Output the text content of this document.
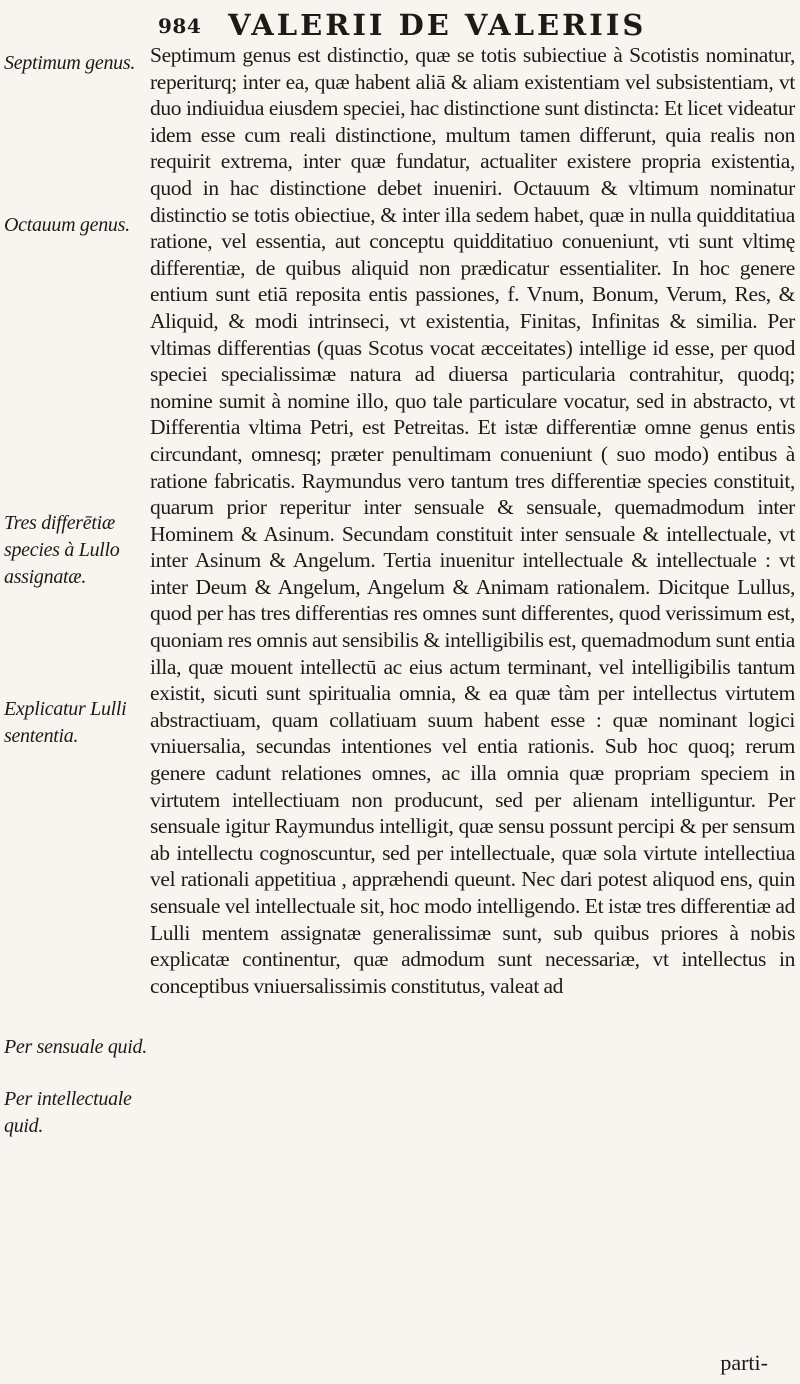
984 VALERII DE VALERIIS
Septimum genus.
Octauum genus.
Tres differētiæ species à Lullo assignatæ.
Explicatur Lulli sententia.
Per sensuale quid.
Per intellectuale quid.

Septimum genus est distinctio, quæ se totis subiectiue à Scotistis nominatur, reperiturq; inter ea, quæ habent aliā & aliam existentiam vel subsistentiam, vt duo indiuidua eiusdem speciei, hac distinctione sunt distincta: Et licet videatur idem esse cum reali distinctione, multum tamen differunt, quia realis non requirit extrema, inter quæ fundatur, actualiter existere propria existentia, quod in hac distinctione debet inueniri. Octauum & vltimum nominatur distinctio se totis obiectiue, & inter illa sedem habet, quæ in nulla quidditatiua ratione, vel essentia, aut conceptu quidditatiuo conueniunt, vti sunt vltimę differentiæ, de quibus aliquid non prædicatur essentialiter. In hoc genere entium sunt etiā reposita entis passiones, f. Vnum, Bonum, Verum, Res, & Aliquid, & modi intrinseci, vt existentia, Finitas, Infinitas & similia. Per vltimas differentias (quas Scotus vocat æcceitates) intellige id esse, per quod speciei specialissimæ natura ad diuersa particularia contrahitur, quodq; nomine sumit à nomine illo, quo tale particulare vocatur, sed in abstracto, vt Differentia vltima Petri, est Petreitas. Et istæ differentiæ omne genus entis circundant, omnesq; præter penultimam conueniunt ( suo modo) entibus à ratione fabricatis. Raymundus vero tantum tres differentiæ species constituit, quarum prior reperitur inter sensuale & sensuale, quemadmodum inter Hominem & Asinum. Secundam constituit inter sensuale & intellectuale, vt inter Asinum & Angelum. Tertia inuenitur intellectuale & intellectuale : vt inter Deum & Angelum, Angelum & Animam rationalem. Dicitque Lullus, quod per has tres differentias res omnes sunt differentes, quod verissimum est, quoniam res omnis aut sensibilis & intelligibilis est, quemadmodum sunt entia illa, quæ mouent intellectū ac eius actum terminant, vel intelligibilis tantum existit, sicuti sunt spiritualia omnia, & ea quæ tàm per intellectus virtutem abstractiuam, quam collatiuam suum habent esse : quæ nominant logici vniuersalia, secundas intentiones vel entia rationis. Sub hoc quoq; rerum genere cadunt relationes omnes, ac illa omnia quæ propriam speciem in virtutem intellectiuam non producunt, sed per alienam intelliguntur. Per sensuale igitur Raymundus intelligit, quæ sensu possunt percipi & per sensum ab intellectu cognoscuntur, sed per intellectuale, quæ sola virtute intellectiua vel rationali appetitiua , appræhendi queunt. Nec dari potest aliquod ens, quin sensuale vel intellectuale sit, hoc modo intelligendo. Et istæ tres differentiæ ad Lulli mentem assignatæ generalissimæ sunt, sub quibus priores à nobis explicatæ continentur, quæ admodum sunt necessariæ, vt intellectus in conceptibus vniuersalissimis constitutus, valeat ad

parti-
